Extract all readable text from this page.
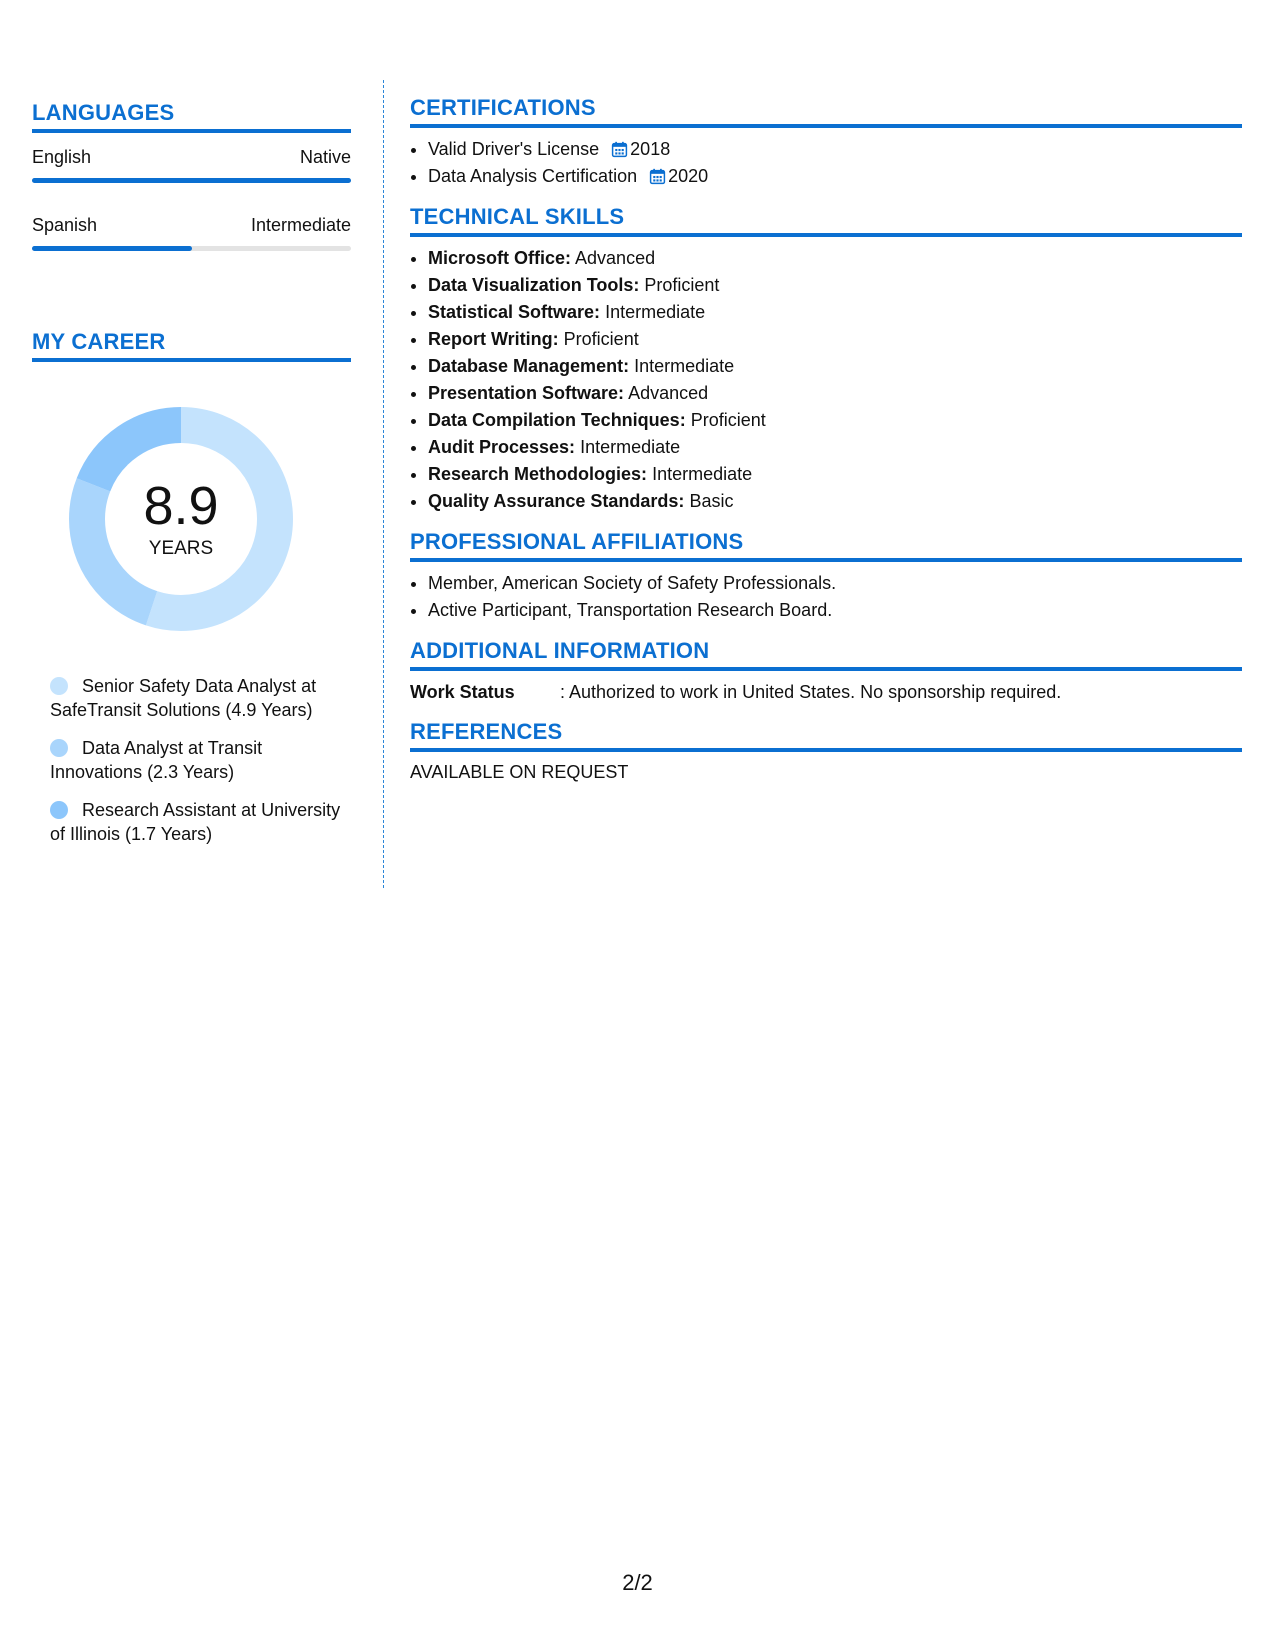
LANGUAGES
English	Native
Spanish	Intermediate
MY CAREER
8.9
YEARS
Senior Safety Data Analyst at SafeTransit Solutions (4.9 Years)
Data Analyst at Transit Innovations (2.3 Years)
Research Assistant at University of Illinois (1.7 Years)
CERTIFICATIONS
• Valid Driver's License 2018
• Data Analysis Certification 2020
TECHNICAL SKILLS
• Microsoft Office: Advanced
• Data Visualization Tools: Proficient
• Statistical Software: Intermediate
• Report Writing: Proficient
• Database Management: Intermediate
• Presentation Software: Advanced
• Data Compilation Techniques: Proficient
• Audit Processes: Intermediate
• Research Methodologies: Intermediate
• Quality Assurance Standards: Basic
PROFESSIONAL AFFILIATIONS
• Member, American Society of Safety Professionals.
• Active Participant, Transportation Research Board.
ADDITIONAL INFORMATION
Work Status	: Authorized to work in United States. No sponsorship required.
REFERENCES
AVAILABLE ON REQUEST
2/2
